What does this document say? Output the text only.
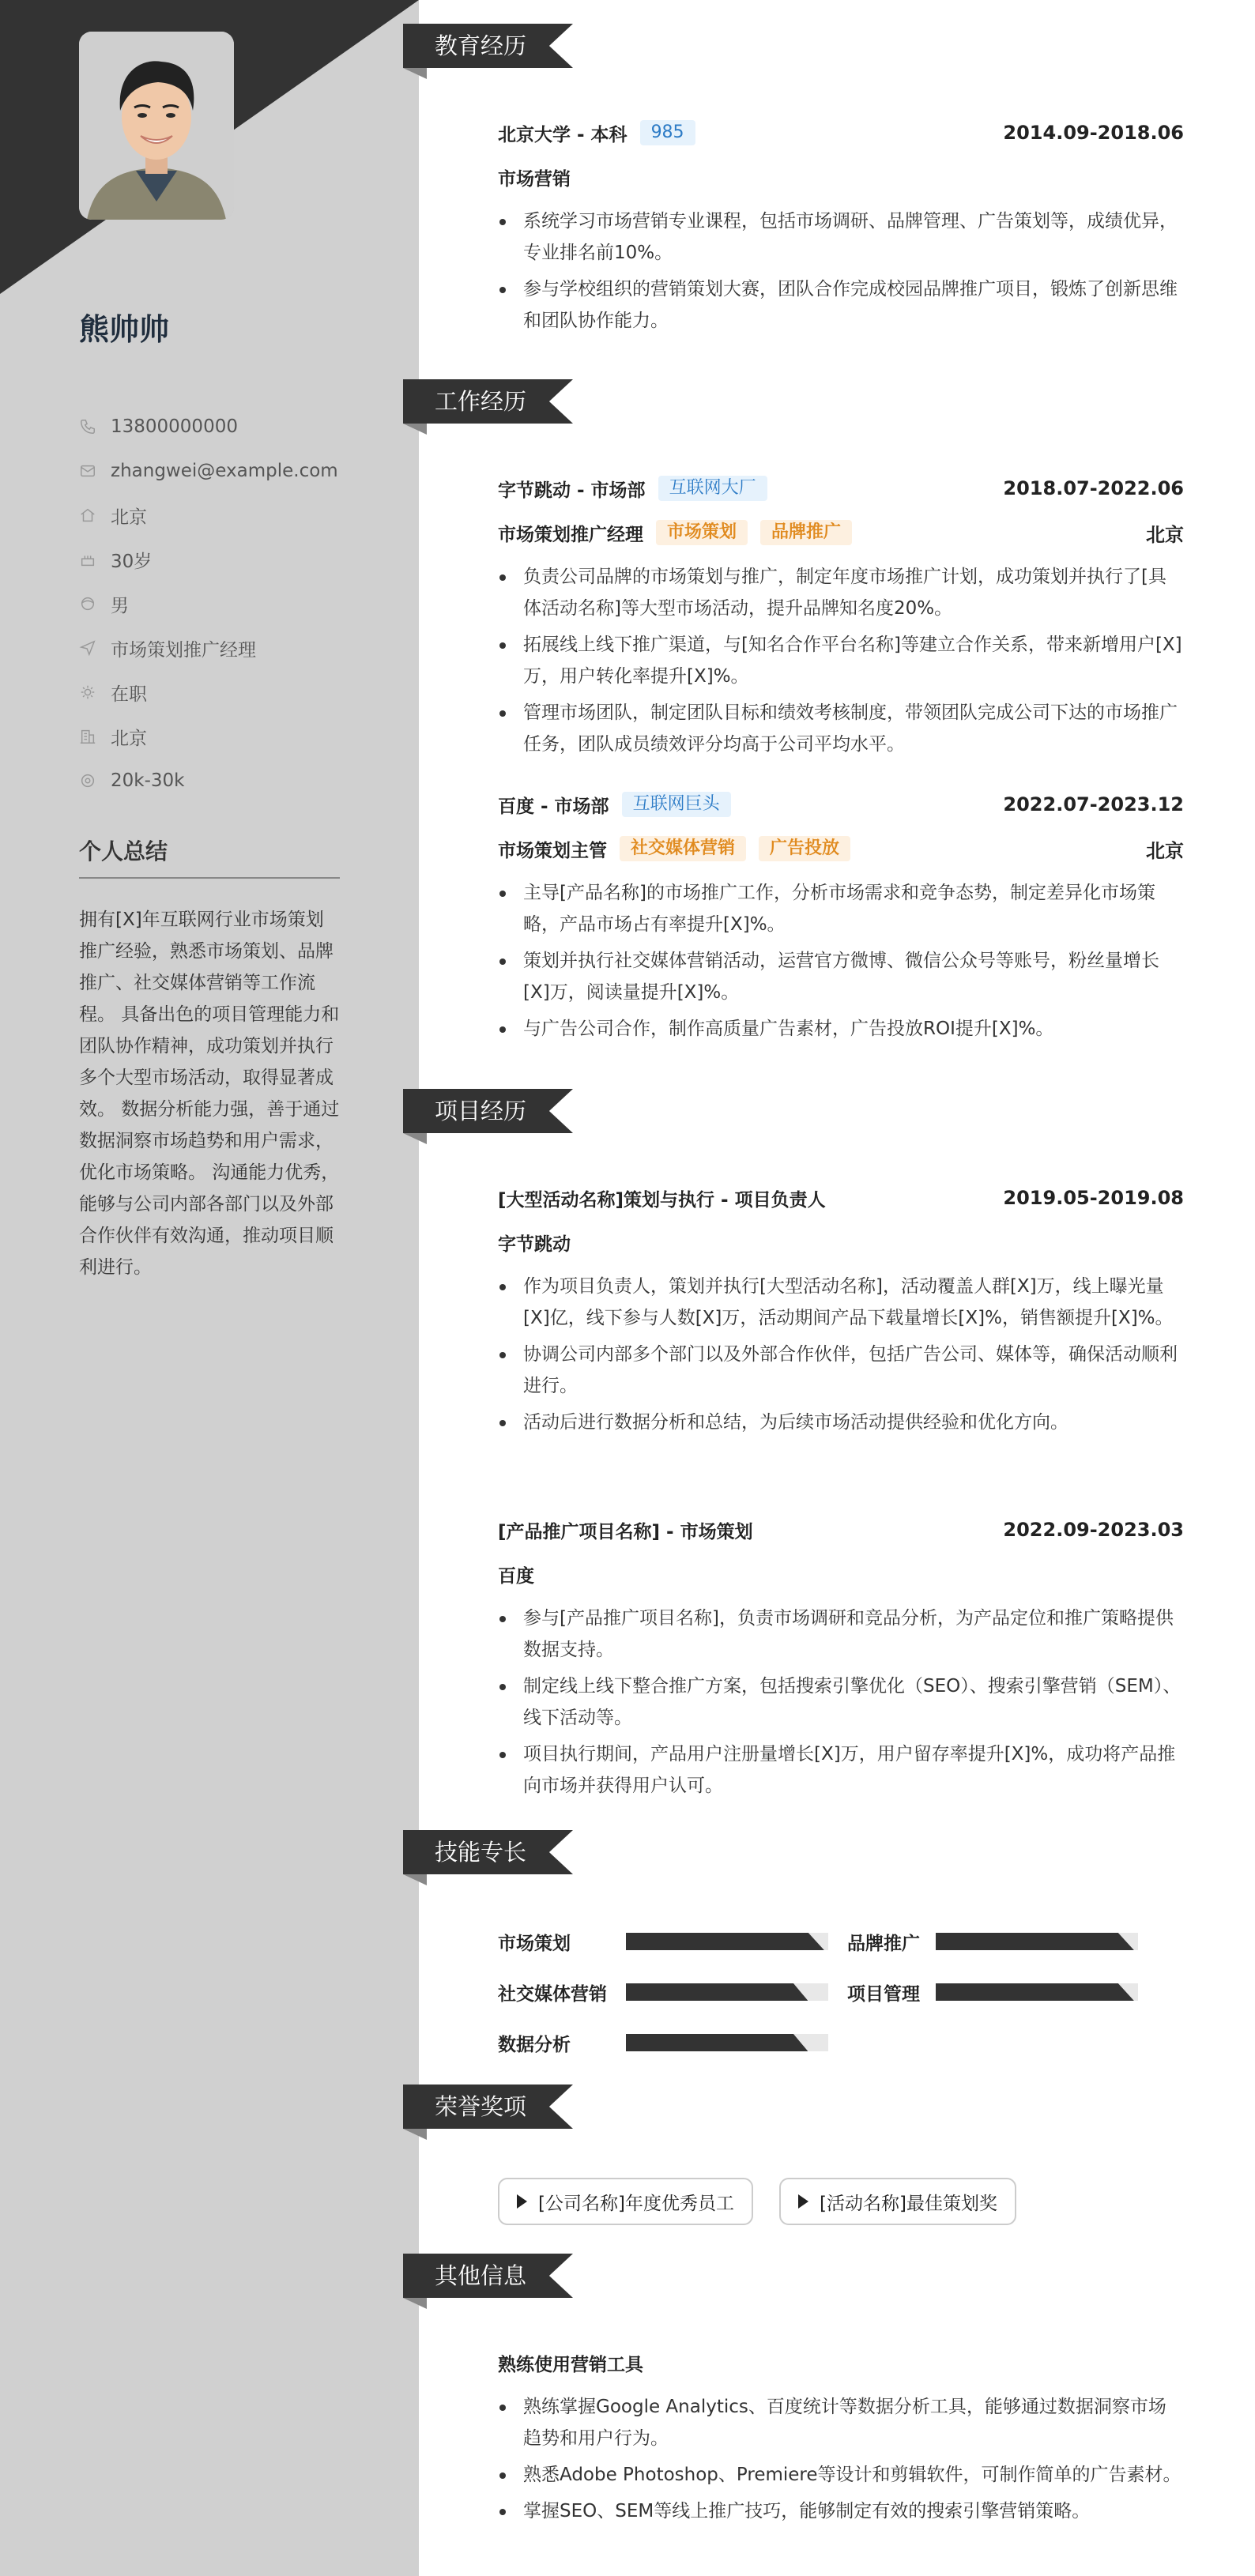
熊帅帅
13800000000
zhangwei@example.com
北京
30岁
男
市场策划推广经理
在职
北京
20k-30k
个人总结
拥有[X]年互联网行业市场策划推广经验，熟悉市场策划、品牌推广、社交媒体营销等工作流程。 具备出色的项目管理能力和团队协作精神，成功策划并执行多个大型市场活动，取得显著成效。 数据分析能力强，善于通过数据洞察市场趋势和用户需求，优化市场策略。 沟通能力优秀，能够与公司内部各部门以及外部合作伙伴有效沟通，推动项目顺利进行。
教育经历
北京大学 - 本科	985	2014.09-2018.06
市场营销
系统学习市场营销专业课程，包括市场调研、品牌管理、广告策划等，成绩优异，专业排名前10%。
参与学校组织的营销策划大赛，团队合作完成校园品牌推广项目，锻炼了创新思维和团队协作能力。
工作经历
字节跳动 - 市场部	互联网大厂	2018.07-2022.06
市场策划推广经理	市场策划	品牌推广	北京
负责公司品牌的市场策划与推广，制定年度市场推广计划，成功策划并执行了[具体活动名称]等大型市场活动，提升品牌知名度20%。
拓展线上线下推广渠道，与[知名合作平台名称]等建立合作关系，带来新增用户[X]万，用户转化率提升[X]%。
管理市场团队，制定团队目标和绩效考核制度，带领团队完成公司下达的市场推广任务，团队成员绩效评分均高于公司平均水平。
百度 - 市场部	互联网巨头	2022.07-2023.12
市场策划主管	社交媒体营销	广告投放	北京
主导[产品名称]的市场推广工作，分析市场需求和竞争态势，制定差异化市场策略，产品市场占有率提升[X]%。
策划并执行社交媒体营销活动，运营官方微博、微信公众号等账号，粉丝量增长[X]万，阅读量提升[X]%。
与广告公司合作，制作高质量广告素材，广告投放ROI提升[X]%。
项目经历
[大型活动名称]策划与执行 - 项目负责人	2019.05-2019.08
字节跳动
作为项目负责人，策划并执行[大型活动名称]，活动覆盖人群[X]万，线上曝光量[X]亿，线下参与人数[X]万，活动期间产品下载量增长[X]%，销售额提升[X]%。
协调公司内部多个部门以及外部合作伙伴，包括广告公司、媒体等，确保活动顺利进行。
活动后进行数据分析和总结，为后续市场活动提供经验和优化方向。
[产品推广项目名称] - 市场策划	2022.09-2023.03
百度
参与[产品推广项目名称]，负责市场调研和竞品分析，为产品定位和推广策略提供数据支持。
制定线上线下整合推广方案，包括搜索引擎优化（SEO）、搜索引擎营销（SEM）、线下活动等。
项目执行期间，产品用户注册量增长[X]万，用户留存率提升[X]%，成功将产品推向市场并获得用户认可。
技能专长
市场策划	品牌推广
社交媒体营销	项目管理
数据分析
荣誉奖项
[公司名称]年度优秀员工	[活动名称]最佳策划奖
其他信息
熟练使用营销工具
熟练掌握Google Analytics、百度统计等数据分析工具，能够通过数据洞察市场趋势和用户行为。
熟悉Adobe Photoshop、Premiere等设计和剪辑软件，可制作简单的广告素材。
掌握SEO、SEM等线上推广技巧，能够制定有效的搜索引擎营销策略。
